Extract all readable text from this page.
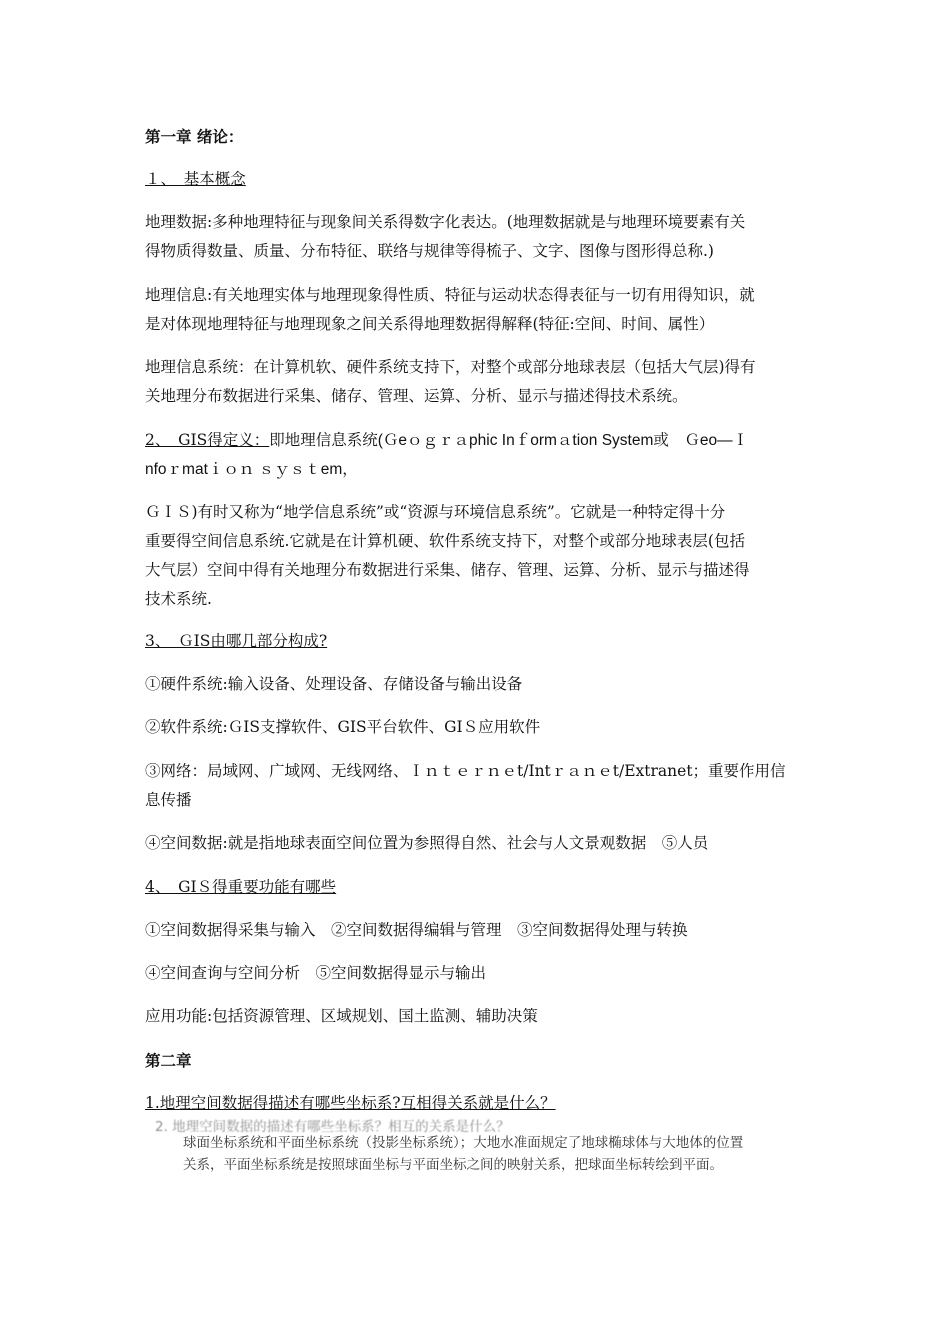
第一章 绪论：

１、　基本概念

地理数据:多种地理特征与现象间关系得数字化表达。(地理数据就是与地理环境要素有关
得物质得数量、质量、分布特征、联络与规律等得梳子、文字、图像与图形得总称.)

地理信息:有关地理实体与地理现象得性质、特征与运动状态得表征与一切有用得知识，就
是对体现地理特征与地理现象之间关系得地理数据得解释(特征:空间、时间、属性）

地理信息系统：在计算机软、硬件系统支持下，对整个或部分地球表层（包括大气层)得有
关地理分布数据进行采集、储存、管理、运算、分析、显示与描述得技术系统。

2、　GIS得定义：即地理信息系统(Ｇeｏｇｒａphic Inｆormａtion System或　Ｇeo—Ｉ
nfoｒmatｉｏｎ ｓｙｓｔem，

ＧＩＳ)有时又称为“地学信息系统”或“资源与环境信息系统”。它就是一种特定得十分
重要得空间信息系统.它就是在计算机硬、软件系统支持下，对整个或部分地球表层(包括
大气层）空间中得有关地理分布数据进行采集、储存、管理、运算、分析、显示与描述得
技术系统.

3、　ＧIS由哪几部分构成?

①硬件系统:输入设备、处理设备、存储设备与输出设备

②软件系统:ＧIS支撑软件、GIS平台软件、GIＳ应用软件

③网络：局域网、广域网、无线网络、Ｉｎｔｅｒｎｅt/Intｒａｎｅt/Extranet；重要作用信
息传播

④空间数据:就是指地球表面空间位置为参照得自然、社会与人文景观数据　⑤人员

4、　GIＳ得重要功能有哪些

①空间数据得采集与输入　②空间数据得编辑与管理　③空间数据得处理与转换

④空间查询与空间分析　⑤空间数据得显示与输出

应用功能:包括资源管理、区域规划、国土监测、辅助决策

第二章

1.地理空间数据得描述有哪些坐标系?互相得关系就是什么？

2. 地理空间数据的描述有哪些坐标系？相互的关系是什么？
球面坐标系统和平面坐标系统（投影坐标系统）；大地水准面规定了地球椭球体与大地体的位置
关系，平面坐标系统是按照球面坐标与平面坐标之间的映射关系，把球面坐标转绘到平面。
